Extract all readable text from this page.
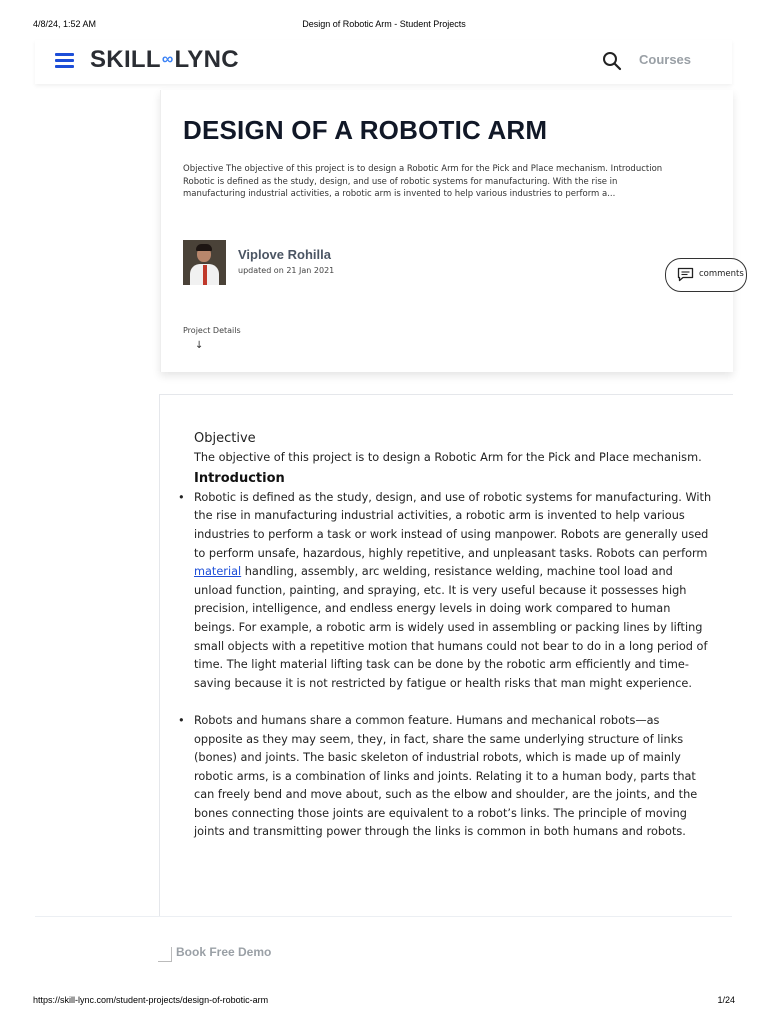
4/8/24, 1:52 AM	Design of Robotic Arm - Student Projects
SKILL∞LYNC	Courses
DESIGN OF A ROBOTIC ARM
Objective The objective of this project is to design a Robotic Arm for the Pick and Place mechanism. Introduction
Robotic is defined as the study, design, and use of robotic systems for manufacturing. With the rise in
manufacturing industrial activities, a robotic arm is invented to help various industries to perform a...
Viplove Rohilla
updated on 21 Jan 2021	comments
Project Details
↓
Objective
The objective of this project is to design a Robotic Arm for the Pick and Place mechanism.
Introduction
• Robotic is defined as the study, design, and use of robotic systems for manufacturing. With
the rise in manufacturing industrial activities, a robotic arm is invented to help various
industries to perform a task or work instead of using manpower. Robots are generally used
to perform unsafe, hazardous, highly repetitive, and unpleasant tasks. Robots can perform
material handling, assembly, arc welding, resistance welding, machine tool load and
unload function, painting, and spraying, etc. It is very useful because it possesses high
precision, intelligence, and endless energy levels in doing work compared to human
beings. For example, a robotic arm is widely used in assembling or packing lines by lifting
small objects with a repetitive motion that humans could not bear to do in a long period of
time. The light material lifting task can be done by the robotic arm efficiently and time-
saving because it is not restricted by fatigue or health risks that man might experience.
• Robots and humans share a common feature. Humans and mechanical robots—as
opposite as they may seem, they, in fact, share the same underlying structure of links
(bones) and joints. The basic skeleton of industrial robots, which is made up of mainly
robotic arms, is a combination of links and joints. Relating it to a human body, parts that
can freely bend and move about, such as the elbow and shoulder, are the joints, and the
bones connecting those joints are equivalent to a robot’s links. The principle of moving
joints and transmitting power through the links is common in both humans and robots.
Book Free Demo
https://skill-lync.com/student-projects/design-of-robotic-arm	1/24
